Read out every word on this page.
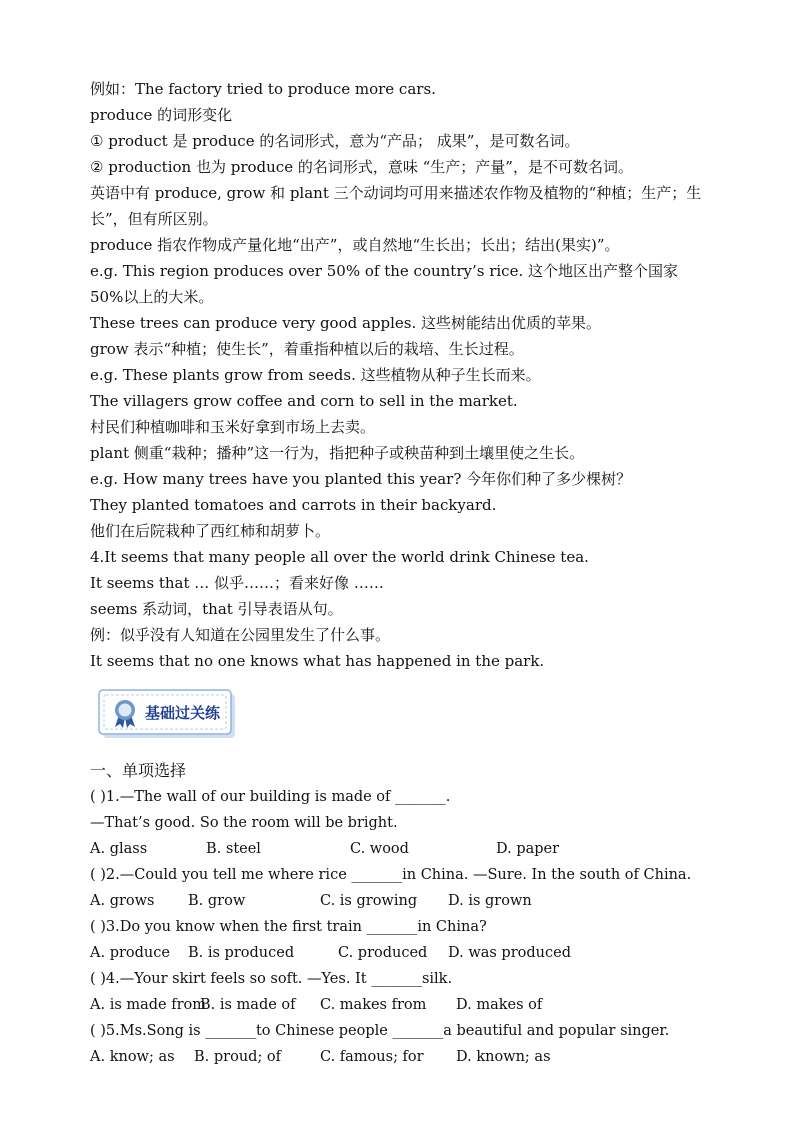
例如：The factory tried to produce more cars.
produce 的词形变化
① product 是 produce 的名词形式，意为“产品； 成果”，是可数名词。
② production 也为 produce 的名词形式，意味 “生产；产量”，是不可数名词。
英语中有 produce, grow 和 plant 三个动词均可用来描述农作物及植物的“种植；生产；生长”，但有所区别。
produce 指农作物成产量化地“出产”，或自然地“生长出；长出；结出(果实)”。
e.g. This region produces over 50% of the country’s rice. 这个地区出产整个国家 50%以上的大米。
These trees can produce very good apples. 这些树能结出优质的苹果。
grow 表示“种植；使生长”，着重指种植以后的栽培、生长过程。
e.g. These plants grow from seeds. 这些植物从种子生长而来。
The villagers grow coffee and corn to sell in the market.
村民们种植咖啡和玉米好拿到市场上去卖。
plant 侧重“栽种；播种”这一行为，指把种子或秧苗种到土壤里使之生长。
e.g. How many trees have you planted this year? 今年你们种了多少棵树？
They planted tomatoes and carrots in their backyard.
他们在后院栽种了西红柿和胡萝卜。
4.It seems that many people all over the world drink Chinese tea.
It seems that … 似乎……；看来好像 ……
seems 系动词，that 引导表语从句。
例：似乎没有人知道在公园里发生了什么事。
It seems that no one knows what has happened in the park.
基础过关练
一、单项选择
( )1.—The wall of our building is made of _______.
—That’s good. So the room will be bright.
A. glass	B. steel	C. wood	D. paper
( )2.—Could you tell me where rice _______in China. —Sure. In the south of China.
A. grows B. grow	C. is growing D. is grown
( )3.Do you know when the first train _______in China?
A. produce B. is produced	C. produced D. was produced
( )4.—Your skirt feels so soft. —Yes. It _______silk.
A. is made from
B. is made of C. makes from D. makes of
( )5.Ms.Song is _______to Chinese people _______a beautiful and popular singer.
A. know; as B. proud; of	C. famous; for D. known; as
